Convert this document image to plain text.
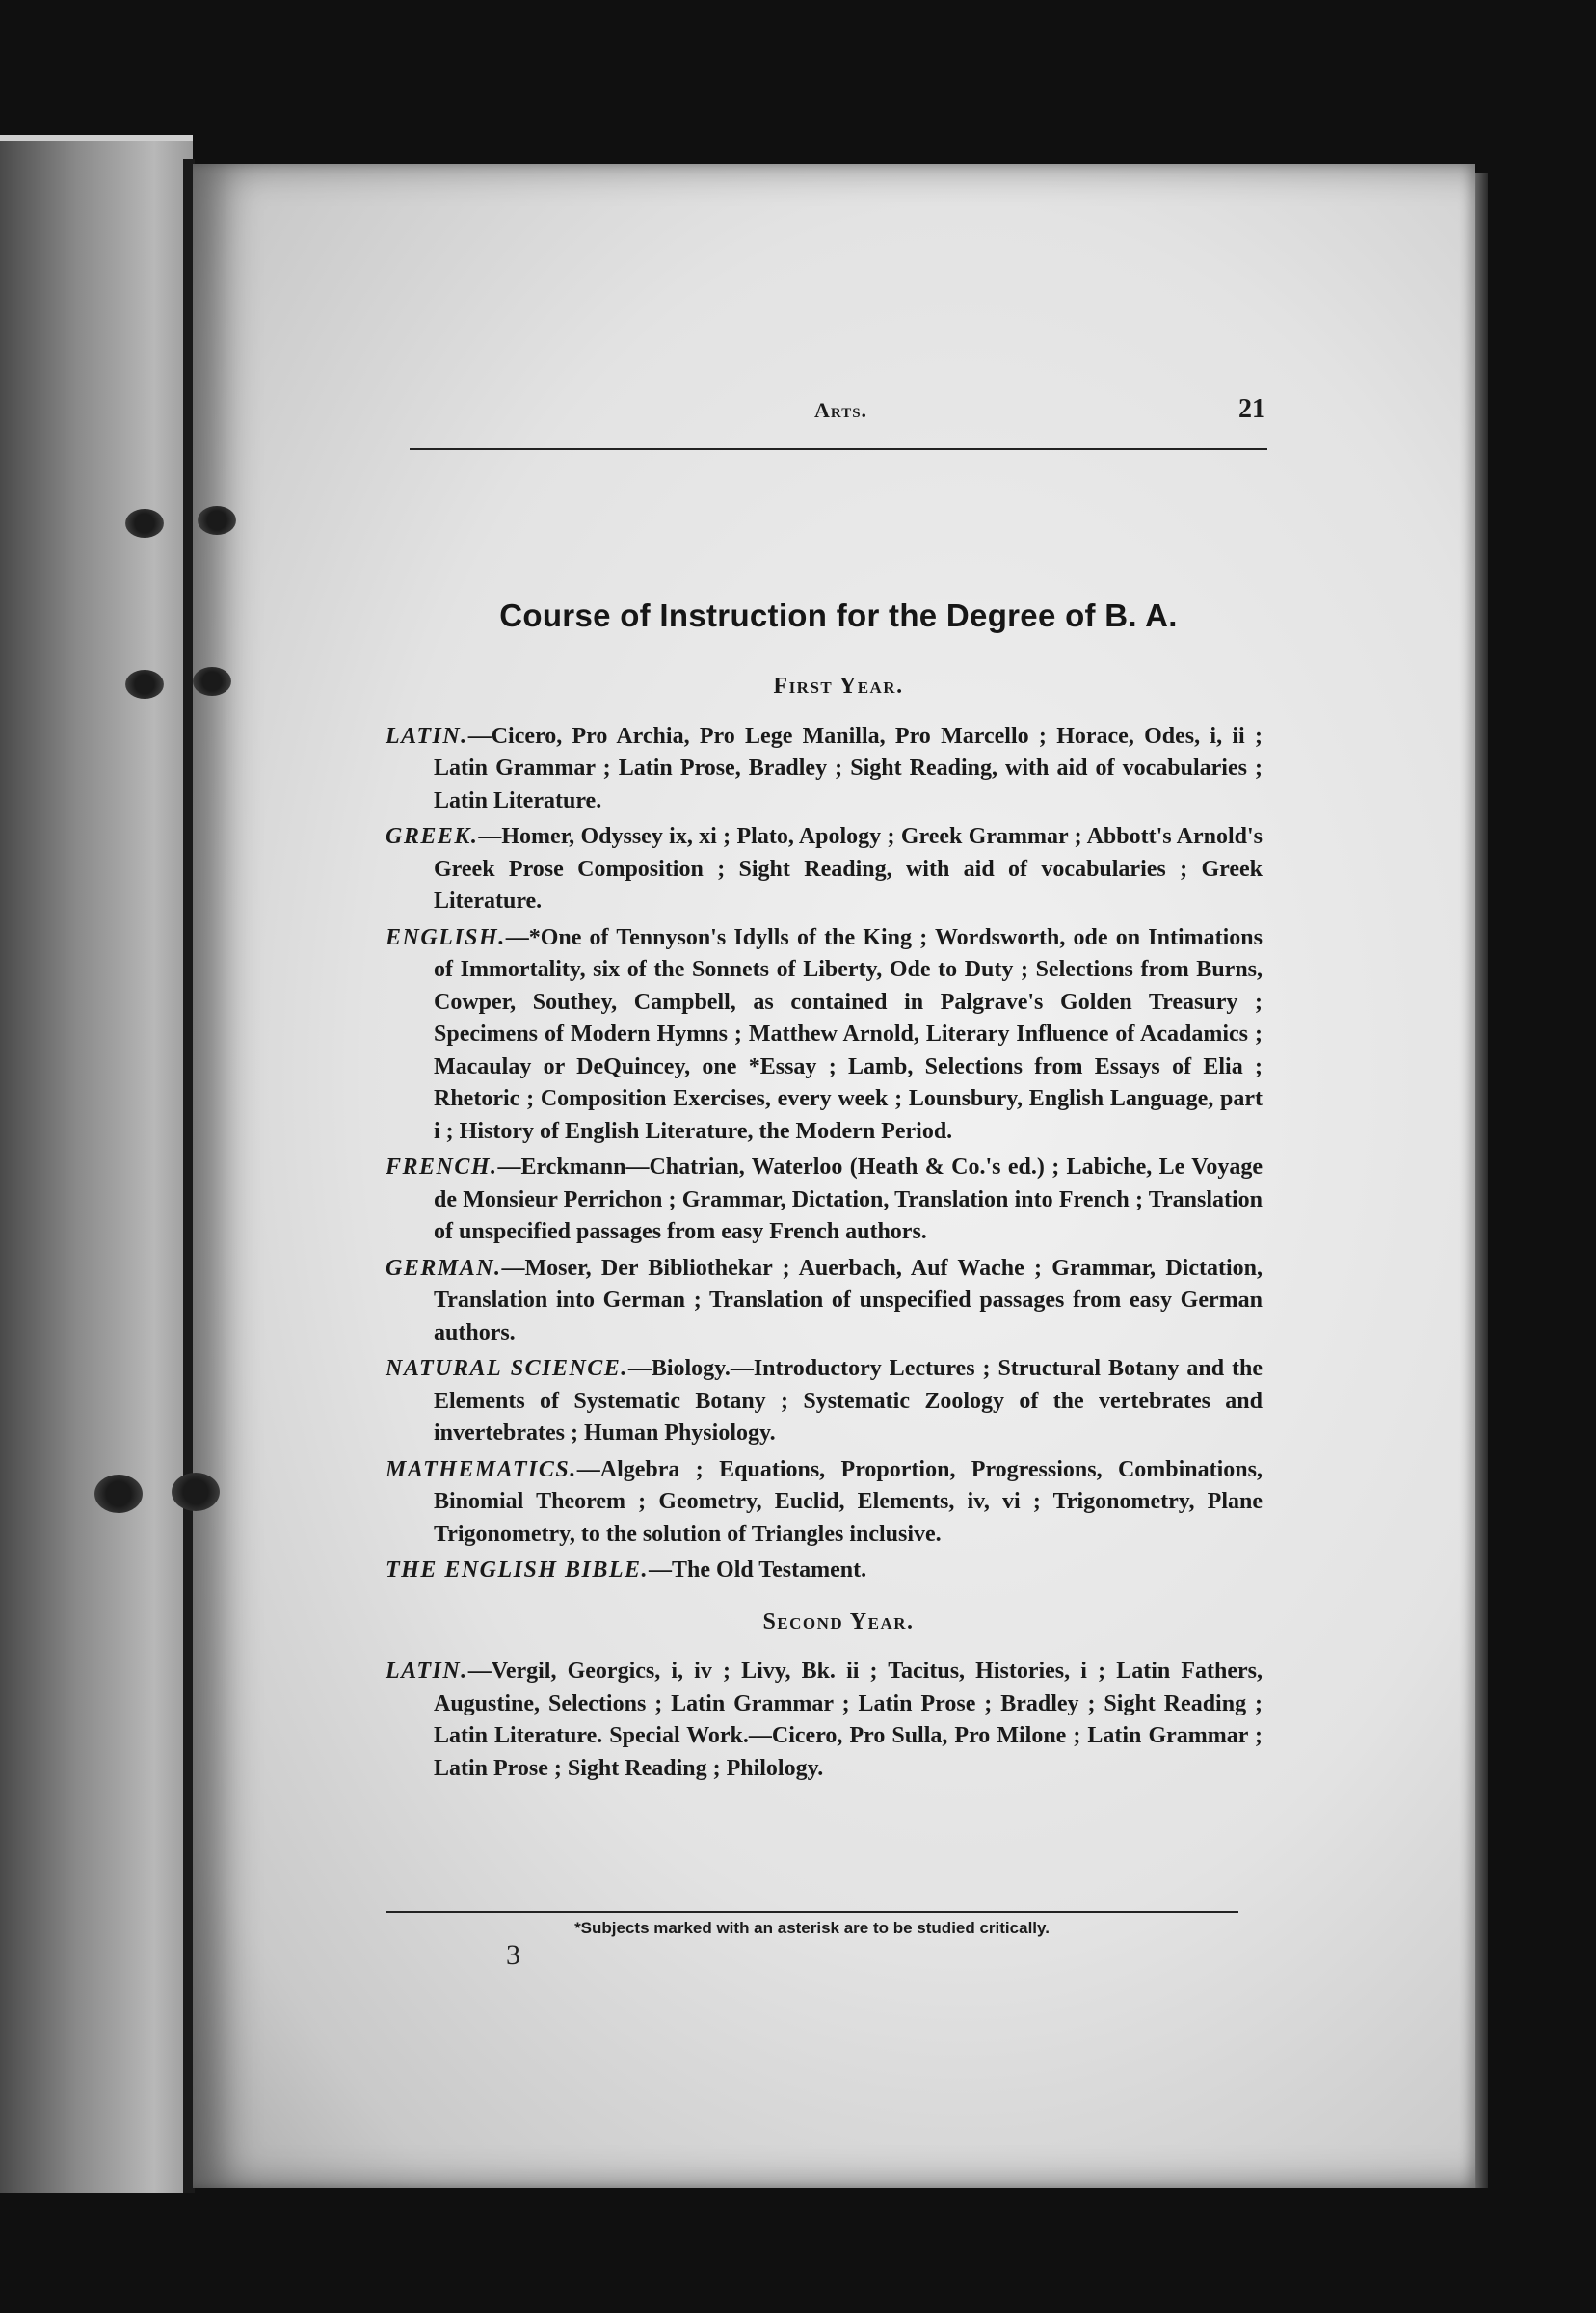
Arts.	21
Course of Instruction for the Degree of B. A.
First Year.

LATIN.—Cicero, Pro Archia, Pro Lege Manilla, Pro Marcello ; Horace, Odes, i, ii ; Latin Grammar ; Latin Prose, Bradley ; Sight Reading, with aid of vocabularies ; Latin Literature.

GREEK.—Homer, Odyssey ix, xi ; Plato, Apology ; Greek Grammar ; Abbott's Arnold's Greek Prose Composition ; Sight Reading, with aid of vocabularies ; Greek Literature.

ENGLISH.—*One of Tennyson's Idylls of the King ; Wordsworth, ode on Intimations of Immortality, six of the Sonnets of Liberty, Ode to Duty ; Selections from Burns, Cowper, Southey, Campbell, as contained in Palgrave's Golden Treasury ; Specimens of Modern Hymns ; Matthew Arnold, Literary Influence of Acadamics ; Macaulay or DeQuincey, one *Essay ; Lamb, Selections from Essays of Elia ; Rhetoric ; Composition Exercises, every week ; Lounsbury, English Language, part i ; History of English Literature, the Modern Period.

FRENCH.—Erckmann—Chatrian, Waterloo (Heath & Co.'s ed.) ; Labiche, Le Voyage de Monsieur Perrichon ; Grammar, Dictation, Translation into French ; Translation of unspecified passages from easy French authors.

GERMAN.—Moser, Der Bibliothekar ; Auerbach, Auf Wache ; Grammar, Dictation, Translation into German ; Translation of unspecified passages from easy German authors.

NATURAL SCIENCE.—Biology.—Introductory Lectures ; Structural Botany and the Elements of Systematic Botany ; Systematic Zoology of the vertebrates and invertebrates ; Human Physiology.

MATHEMATICS.—Algebra ; Equations, Proportion, Progressions, Combinations, Binomial Theorem ; Geometry, Euclid, Elements, iv, vi ; Trigonometry, Plane Trigonometry, to the solution of Triangles inclusive.

THE ENGLISH BIBLE.—The Old Testament.

Second Year.

LATIN.—Vergil, Georgics, i, iv ; Livy, Bk. ii ; Tacitus, Histories, i ; Latin Fathers, Augustine, Selections ; Latin Grammar ; Latin Prose ; Bradley ; Sight Reading ; Latin Literature. Special Work.—Cicero, Pro Sulla, Pro Milone ; Latin Grammar ; Latin Prose ; Sight Reading ; Philology.

*Subjects marked with an asterisk are to be studied critically.
3
